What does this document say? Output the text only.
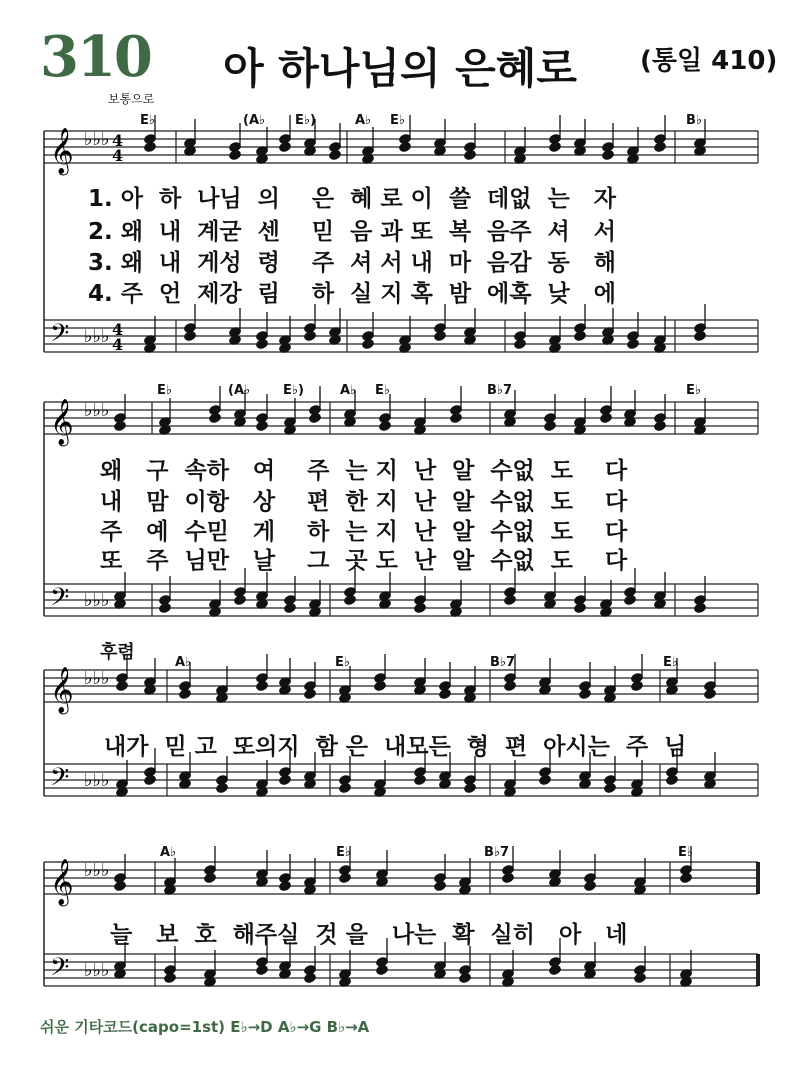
310	아 하나님의 은혜로	(통일 410)
보통으로
𝄞 ♭♭♭
𝄢 ♭♭♭
𝄞 ♭♭♭
𝄢 ♭♭♭
𝄞 ♭♭♭
𝄢 ♭♭♭
𝄞 ♭♭♭
𝄢 ♭♭♭
4
4
4
4
E♭	(A♭ E♭)	A♭ E♭	B♭
1. 아  하  나님  의    은  혜 로 이  쓸  데없  는   자
2. 왜  내  계굳  센    믿  음 과 또  복  음주  셔   서
3. 왜  내  게성  령    주  셔 서 내  마  음감  동   해
4. 주  언  제강  림    하  실 지 혹  밤  에혹  낮   에
E♭	(A♭	E♭)	A♭ E♭	B♭7	E♭
왜   구  속하   여    주  는 지  난  알  수없  도    다
내   맘  이항   상    편  한 지  난  알  수없  도    다
주   예  수믿   게    하  는 지  난  알  수없  도    다
또   주  님만   날    그  곳 도  난  알  수없  도    다
후렴	A♭	E♭	B♭7	E♭
내가  믿 고  또의지  함 은  내모든  형  편  아시는  주  님
A♭	E♭	B♭7	E♭
늘   보  호  해주실  것 을   나는  확  실히   아   네
쉬운 기타코드(capo=1st) E♭→D A♭→G B♭→A
